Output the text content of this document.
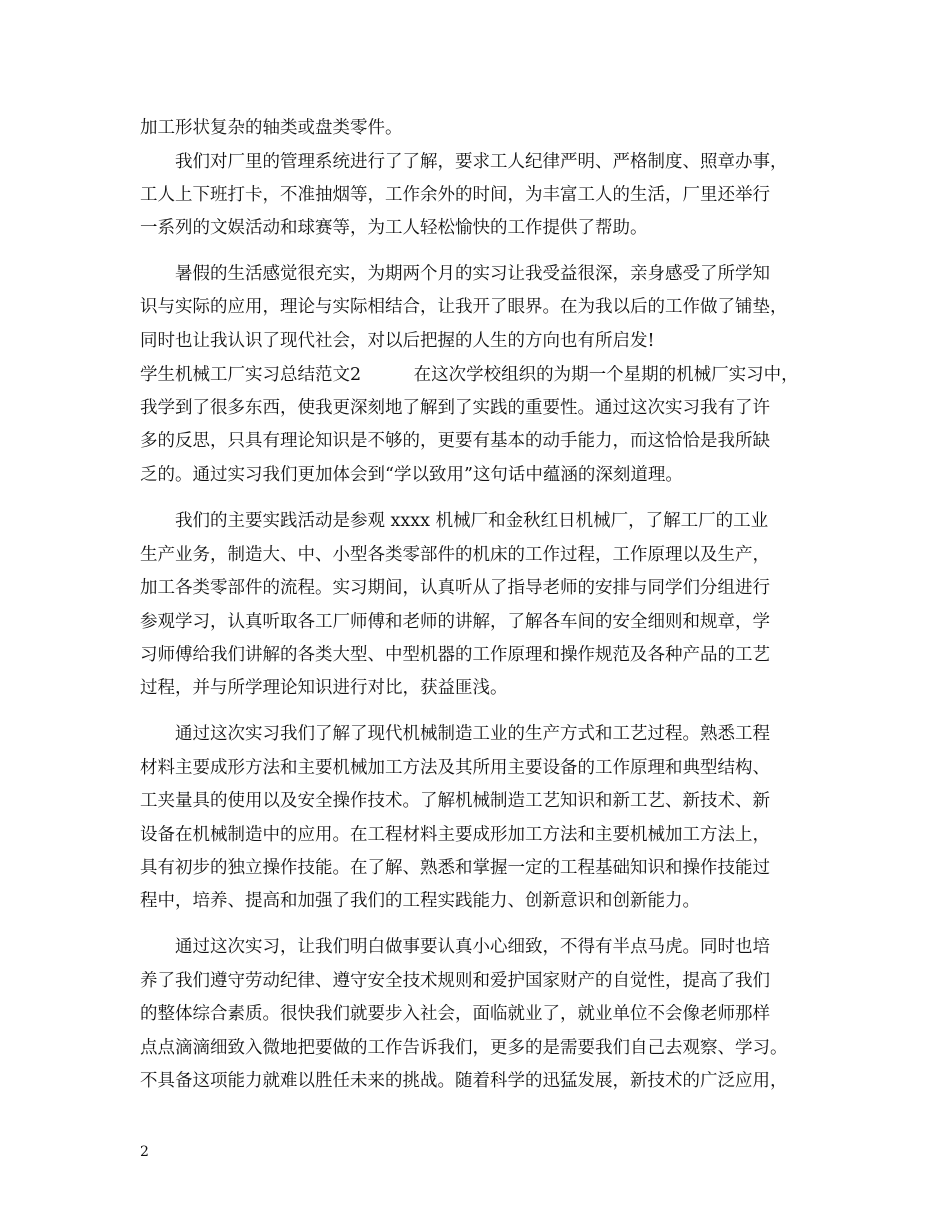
加工形状复杂的轴类或盘类零件。
　　我们对厂里的管理系统进行了了解，要求工人纪律严明、严格制度、照章办事，
工人上下班打卡，不准抽烟等，工作余外的时间，为丰富工人的生活，厂里还举行
一系列的文娱活动和球赛等，为工人轻松愉快的工作提供了帮助。
　　暑假的生活感觉很充实，为期两个月的实习让我受益很深，亲身感受了所学知
识与实际的应用，理论与实际相结合，让我开了眼界。在为我以后的工作做了铺垫，
同时也让我认识了现代社会，对以后把握的人生的方向也有所启发!
学生机械工厂实习总结范文2　　　在这次学校组织的为期一个星期的机械厂实习中，
我学到了很多东西，使我更深刻地了解到了实践的重要性。通过这次实习我有了许
多的反思，只具有理论知识是不够的，更要有基本的动手能力，而这恰恰是我所缺
乏的。通过实习我们更加体会到“学以致用”这句话中蕴涵的深刻道理。
　　我们的主要实践活动是参观 xxxx 机械厂和金秋红日机械厂，了解工厂的工业
生产业务，制造大、中、小型各类零部件的机床的工作过程，工作原理以及生产，
加工各类零部件的流程。实习期间，认真听从了指导老师的安排与同学们分组进行
参观学习，认真听取各工厂师傅和老师的讲解，了解各车间的安全细则和规章，学
习师傅给我们讲解的各类大型、中型机器的工作原理和操作规范及各种产品的工艺
过程，并与所学理论知识进行对比，获益匪浅。
　　通过这次实习我们了解了现代机械制造工业的生产方式和工艺过程。熟悉工程
材料主要成形方法和主要机械加工方法及其所用主要设备的工作原理和典型结构、
工夹量具的使用以及安全操作技术。了解机械制造工艺知识和新工艺、新技术、新
设备在机械制造中的应用。在工程材料主要成形加工方法和主要机械加工方法上，
具有初步的独立操作技能。在了解、熟悉和掌握一定的工程基础知识和操作技能过
程中，培养、提高和加强了我们的工程实践能力、创新意识和创新能力。
　　通过这次实习，让我们明白做事要认真小心细致，不得有半点马虎。同时也培
养了我们遵守劳动纪律、遵守安全技术规则和爱护国家财产的自觉性，提高了我们
的整体综合素质。很快我们就要步入社会，面临就业了，就业单位不会像老师那样
点点滴滴细致入微地把要做的工作告诉我们，更多的是需要我们自己去观察、学习。
不具备这项能力就难以胜任未来的挑战。随着科学的迅猛发展，新技术的广泛应用，
2
